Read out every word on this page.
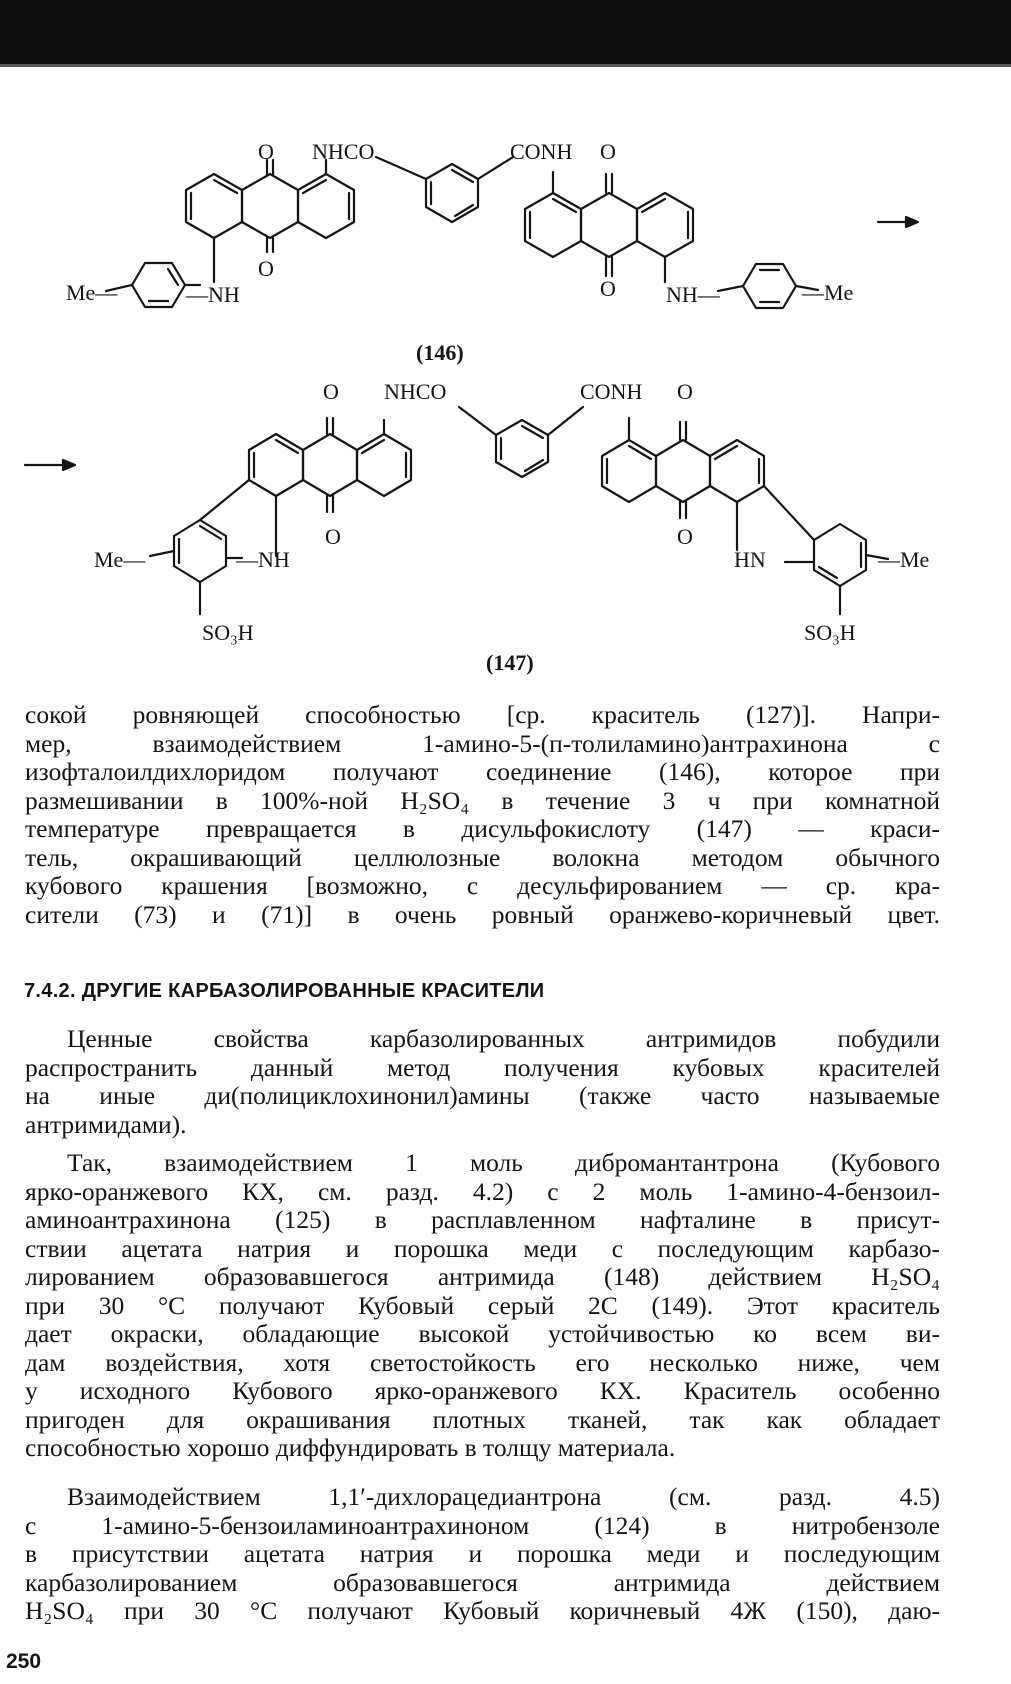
O NHCO	CONH O
O
O
Me—	—NH	NH—	—Me
(146)
O NHCO	CONH O
O	O
Me—	—NH	HN	—Me
SO₃H	SO₃H
(147)
сокой ровняющей способностью [ср. краситель (127)]. Напри-
мер, взаимодействием 1-амино-5-(п-толиламино)антрахинона с
изофталоилдихлоридом получают соединение (146), которое при
размешивании в 100%-ной H₂SO₄ в течение 3 ч при комнатной
температуре превращается в дисульфокислоту (147) — краси-
тель, окрашивающий целлюлозные волокна методом обычного
кубового крашения [возможно, с десульфированием — ср. кра-
сители (73) и (71)] в очень ровный оранжево-коричневый цвет.
7.4.2. ДРУГИЕ КАРБАЗОЛИРОВАННЫЕ КРАСИТЕЛИ
Ценные свойства карбазолированных антримидов побудили
распространить данный метод получения кубовых красителей
на иные ди(полициклохинонил)амины (также часто называемые
антримидами).
Так, взаимодействием 1 моль дибромантантрона (Кубового
ярко-оранжевого КХ, см. разд. 4.2) с 2 моль 1-амино-4-бензоил-
аминоантрахинона (125) в расплавленном нафталине в присут-
ствии ацетата натрия и порошка меди с последующим карбазо-
лированием образовавшегося антримида (148) действием H₂SO₄
при 30 °С получают Кубовый серый 2С (149). Этот краситель
дает окраски, обладающие высокой устойчивостью ко всем ви-
дам воздействия, хотя светостойкость его несколько ниже, чем
у исходного Кубового ярко-оранжевого КХ. Краситель особенно
пригоден для окрашивания плотных тканей, так как обладает
способностью хорошо диффундировать в толщу материала.
Взаимодействием 1,1′-дихлорацедиантрона (см. разд. 4.5)
с 1-амино-5-бензоиламиноантрахиноном (124) в нитробензоле
в присутствии ацетата натрия и порошка меди и последующим
карбазолированием образовавшегося антримида действием
H₂SO₄ при 30 °С получают Кубовый коричневый 4Ж (150), даю-
250
